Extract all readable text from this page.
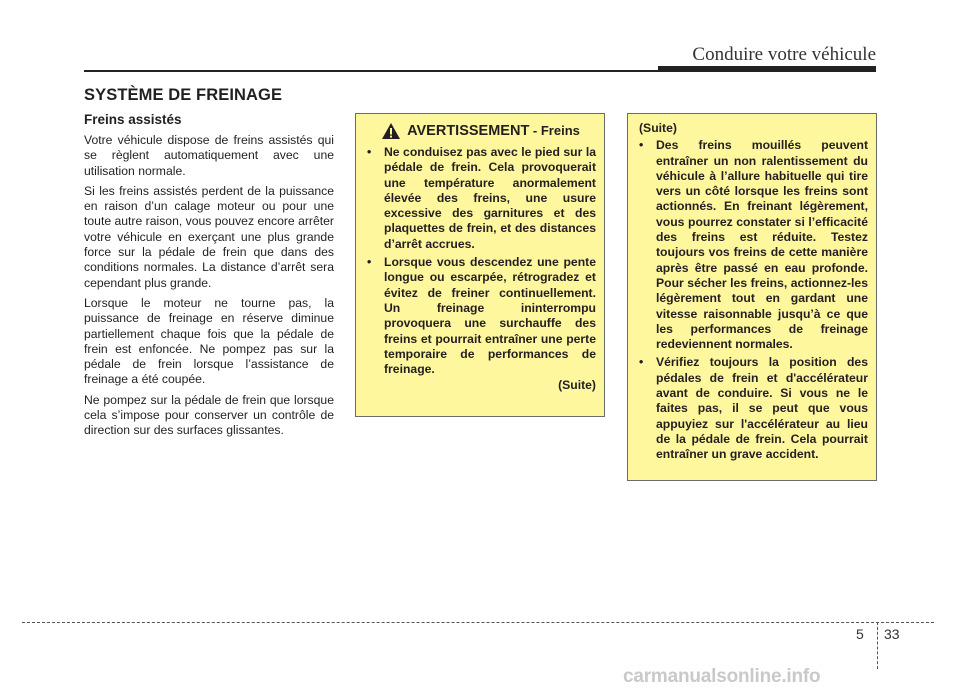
Conduire votre véhicule
SYSTÈME DE FREINAGE
Freins assistés

Votre véhicule dispose de freins assistés qui se règlent automatiquement avec une utilisation normale.

Si les freins assistés perdent de la puissance en raison d’un calage moteur ou pour une toute autre raison, vous pouvez encore arrêter votre véhicule en exerçant une plus grande force sur la pédale de frein que dans des conditions normales. La distance d’arrêt sera cependant plus grande.

Lorsque le moteur ne tourne pas, la puissance de freinage en réserve diminue partiellement chaque fois que la pédale de frein est enfoncée. Ne pompez pas sur la pédale de frein lorsque l’assistance de freinage a été coupée.

Ne pompez sur la pédale de frein que lorsque cela s’impose pour conserver un contrôle de direction sur des surfaces glissantes.

AVERTISSEMENT - Freins
• Ne conduisez pas avec le pied sur la pédale de frein. Cela provoquerait une température anormalement élevée des freins, une usure excessive des garnitures et des plaquettes de frein, et des distances d’arrêt accrues.
• Lorsque vous descendez une pente longue ou escarpée, rétrogradez et évitez de freiner continuellement. Un freinage ininterrompu provoquera une surchauffe des freins et pourrait entraîner une perte temporaire de performances de freinage.
(Suite)
(Suite)
• Des freins mouillés peuvent entraîner un non ralentissement du véhicule à l’allure habituelle qui tire vers un côté lorsque les freins sont actionnés. En freinant légèrement, vous pourrez constater si l’efficacité des freins est réduite. Testez toujours vos freins de cette manière après être passé en eau profonde. Pour sécher les freins, actionnez-les légèrement tout en gardant une vitesse raisonnable jusqu’à ce que les performances de freinage redeviennent normales.
• Vérifiez toujours la position des pédales de frein et d'accélérateur avant de conduire. Si vous ne le faites pas, il se peut que vous appuyiez sur l'accélérateur au lieu de la pédale de frein. Cela pourrait entraîner un grave accident.
5 33
carmanualsonline.info
